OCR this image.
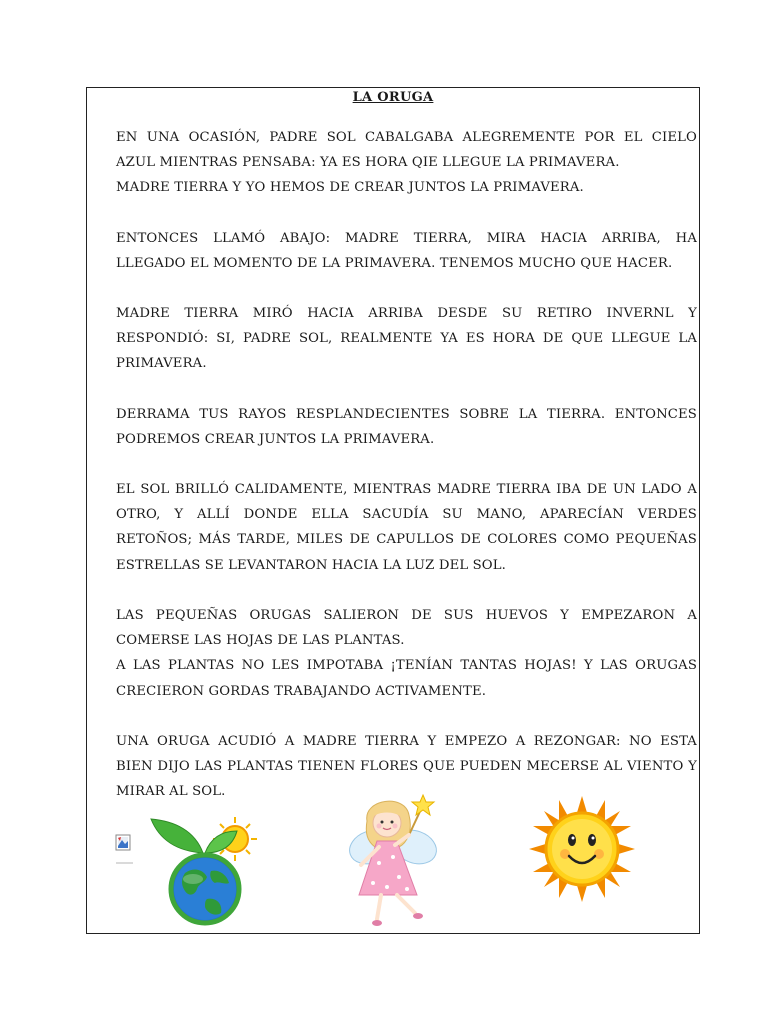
LA ORUGA

EN UNA OCASIÓN, PADRE SOL CABALGABA ALEGREMENTE POR EL CIELO

AZUL MIENTRAS PENSABA: YA ES HORA QIE LLEGUE LA PRIMAVERA.

MADRE TIERRA Y YO HEMOS DE CREAR JUNTOS LA PRIMAVERA.

ENTONCES LLAMÓ ABAJO: MADRE TIERRA, MIRA HACIA ARRIBA, HA

LLEGADO EL MOMENTO DE LA PRIMAVERA. TENEMOS MUCHO QUE HACER.

MADRE TIERRA MIRÓ HACIA ARRIBA DESDE SU RETIRO INVERNL Y

RESPONDIÓ: SI, PADRE SOL, REALMENTE YA ES HORA DE QUE LLEGUE LA

PRIMAVERA.

DERRAMA TUS RAYOS RESPLANDECIENTES SOBRE LA TIERRA. ENTONCES

PODREMOS CREAR JUNTOS LA PRIMAVERA.

EL SOL BRILLÓ CALIDAMENTE, MIENTRAS MADRE TIERRA IBA DE UN LADO A

OTRO, Y ALLÍ DONDE ELLA SACUDÍA SU MANO, APARECÍAN VERDES

RETOÑOS; MÁS TARDE, MILES DE CAPULLOS DE COLORES COMO PEQUEÑAS

ESTRELLAS SE LEVANTARON HACIA LA LUZ DEL SOL.

LAS PEQUEÑAS ORUGAS SALIERON DE SUS HUEVOS Y EMPEZARON A

COMERSE LAS HOJAS DE LAS PLANTAS.

A LAS PLANTAS NO LES IMPOTABA ¡TENÍAN TANTAS HOJAS! Y LAS ORUGAS

CRECIERON GORDAS TRABAJANDO ACTIVAMENTE.

UNA ORUGA ACUDIÓ A MADRE TIERRA Y EMPEZO A REZONGAR: NO ESTA

BIEN DIJO LAS PLANTAS TIENEN FLORES QUE PUEDEN MECERSE AL VIENTO Y

MIRAR AL SOL.
